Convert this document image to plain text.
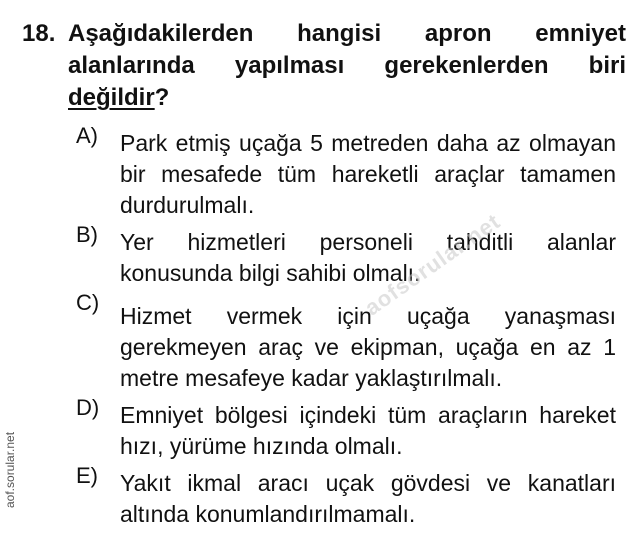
18. Aşağıdakilerden hangisi apron emniyet alanlarında yapılması gerekenlerden biri değildir?
A) Park etmiş uçağa 5 metreden daha az olmayan bir mesafede tüm hareketli araçlar tamamen durdurulmalı.
B) Yer hizmetleri personeli tahditli alanlar konusunda bilgi sahibi olmalı.
C)
Hizmet vermek için uçağa yanaşması gerekmeyen araç ve ekipman, uçağa en az 1 metre mesafeye kadar yaklaştırılmalı.
D) Emniyet bölgesi içindeki tüm araçların hareket hızı, yürüme hızında olmalı.
E) Yakıt ikmal aracı uçak gövdesi ve kanatları altında konumlandırılmamalı.
aofsorular.net
aof.sorular.net
